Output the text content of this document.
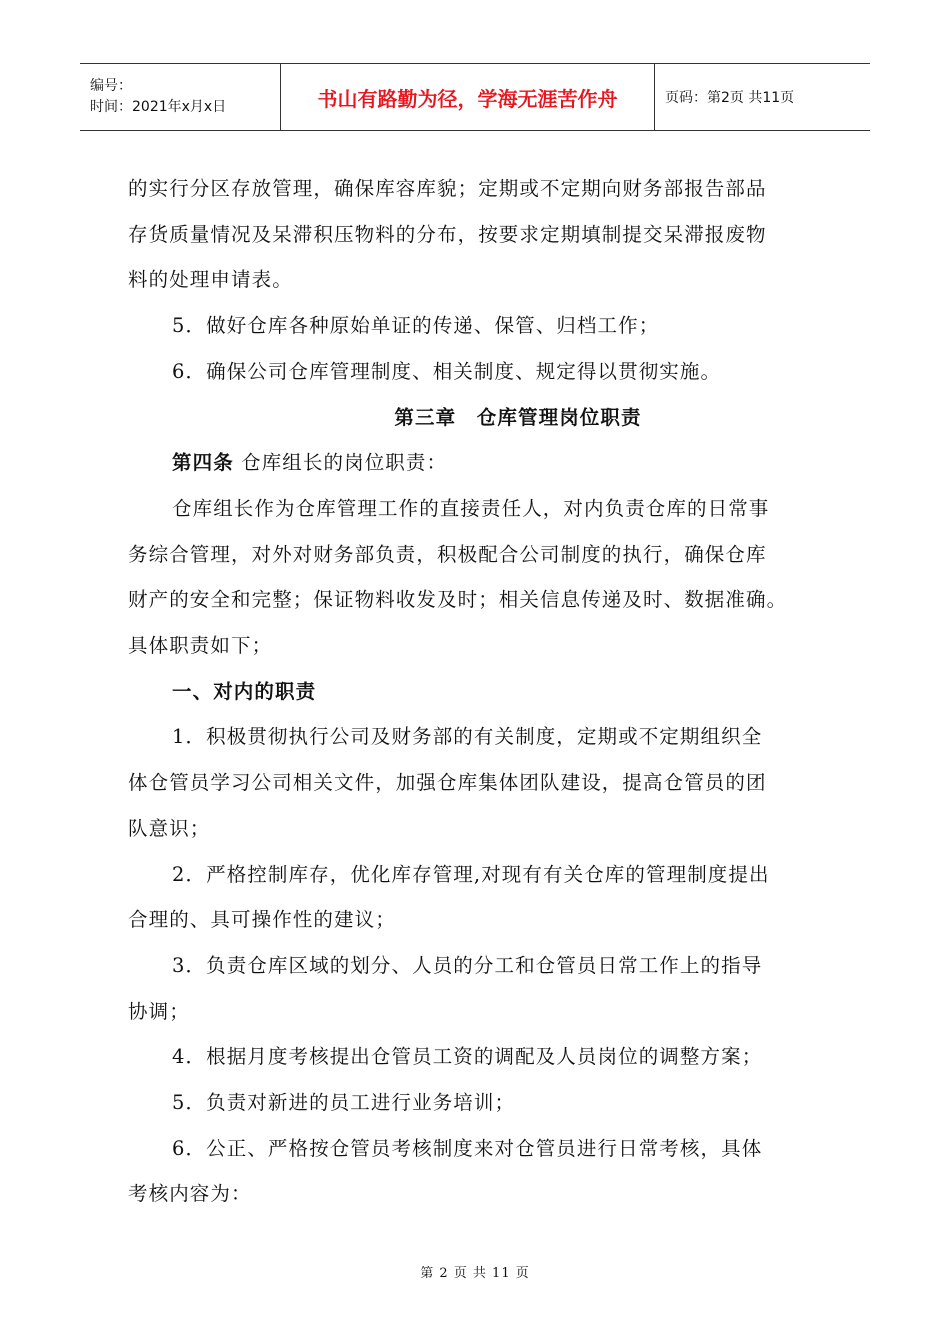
编号：
时间：2021年x月x日	书山有路勤为径，学海无涯苦作舟	页码：第2页 共11页

的实行分区存放管理，确保库容库貌；定期或不定期向财务部报告部品

存货质量情况及呆滞积压物料的分布，按要求定期填制提交呆滞报废物

料的处理申请表。

5．做好仓库各种原始单证的传递、保管、归档工作；

6．确保公司仓库管理制度、相关制度、规定得以贯彻实施。

第三章　仓库管理岗位职责

第四条 仓库组长的岗位职责：

仓库组长作为仓库管理工作的直接责任人，对内负责仓库的日常事

务综合管理，对外对财务部负责，积极配合公司制度的执行，确保仓库

财产的安全和完整；保证物料收发及时；相关信息传递及时、数据准确。

具体职责如下；

一、对内的职责

1．积极贯彻执行公司及财务部的有关制度，定期或不定期组织全

体仓管员学习公司相关文件，加强仓库集体团队建设，提高仓管员的团

队意识；

2．严格控制库存，优化库存管理,对现有有关仓库的管理制度提出

合理的、具可操作性的建议；

3．负责仓库区域的划分、人员的分工和仓管员日常工作上的指导

协调；

4．根据月度考核提出仓管员工资的调配及人员岗位的调整方案；

5．负责对新进的员工进行业务培训；

6．公正、严格按仓管员考核制度来对仓管员进行日常考核，具体

考核内容为：

第 2 页 共 11 页
